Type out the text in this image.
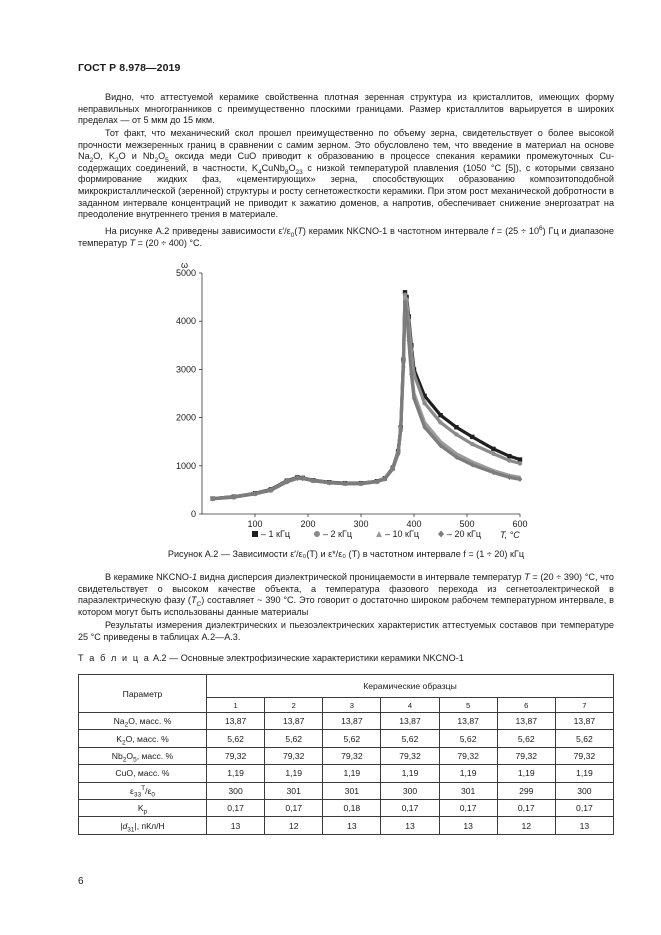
ГОСТ Р 8.978—2019

Видно, что аттестуемой керамике свойственна плотная зеренная структура из кристаллитов, имеющих форму неправильных многогранников с преимущественно плоскими границами. Размер кристаллитов варьируется в широких пределах — от 5 мкм до 15 мкм.

Тот факт, что механический скол прошел преимущественно по объему зерна, свидетельствует о более высокой прочности межзеренных границ в сравнении с самим зерном. Это обусловлено тем, что введение в материал на основе $Na_2O$, $K_2O$ и $Nb_2O_5$ оксида меди CuO приводит к образованию в процессе спекания керамики промежуточных Cu-содержащих соединений, в частности, $K_4CuNb_8O_{23}$ с низкой температурой плавления (1050 °C [5]), с которыми связано формирование жидких фаз, «цементирующих» зерна, способствующих образованию композитоподобной микрокристаллической (зеренной) структуры и росту сегнетожесткости керамики. При этом рост механической добротности в заданном интервале концентраций не приводит к зажатию доменов, а напротив, обеспечивает снижение энергозатрат на преодоление внутреннего трения в материале.

На рисунке А.2 приведены зависимости $\varepsilon'/\varepsilon_0(T)$ керамик NKCNO-1 в частотном интервале $f = (25 \div 10^6)$ Гц и диапазоне температур T = (20 ÷ 400) °C.

ω
0
1000
2000
3000
4000
5000
100	200	300	400	500	600
T, °C
– 1 кГц	– 2 кГц	– 10 кГц	– 20 кГц
Рисунок А.2 — Зависимости ε′/ε₀(T) и ε*/ε₀ (T) в частотном интервале f = (1 ÷ 20) кГц

В керамике NKCNO-1 видна дисперсия диэлектрической проницаемости в интервале температур T = (20 ÷ 390) °C, что свидетельствует о высоком качестве объекта, а температура фазового перехода из сегнетоэлектрической в параэлектрическую фазу $(T_C)$ составляет ~ 390 °C. Это говорит о достаточно широком рабочем температурном интервале, в котором могут быть использованы данные материалы

Результаты измерения диэлектрических и пьезоэлектрических характеристик аттестуемых составов при температуре 25 °C приведены в таблицах А.2—А.3.

Т а б л и ц а А.2 — Основные электрофизические характеристики керамики NKCNO-1
Параметр	Керамические образцы						
	1	2	3	4	5	6	7
$Na_2O$, масс. %	13,87	13,87	13,87	13,87	13,87	13,87	13,87
$K_2O$, масс. %	5,62	5,62	5,62	5,62	5,62	5,62	5,62
$Nb_2O_5$, масс. %	79,32	79,32	79,32	79,32	79,32	79,32	79,32
CuO, масс. %	1,19	1,19	1,19	1,19	1,19	1,19	1,19
$\varepsilon_{33}^T/\varepsilon_0$	300	301	301	300	301	299	300
$K_p$	0,17	0,17	0,18	0,17	0,17	0,17	0,17
$|d_{31}|$, пКл/Н	13	12	13	13	13	12	13
6
